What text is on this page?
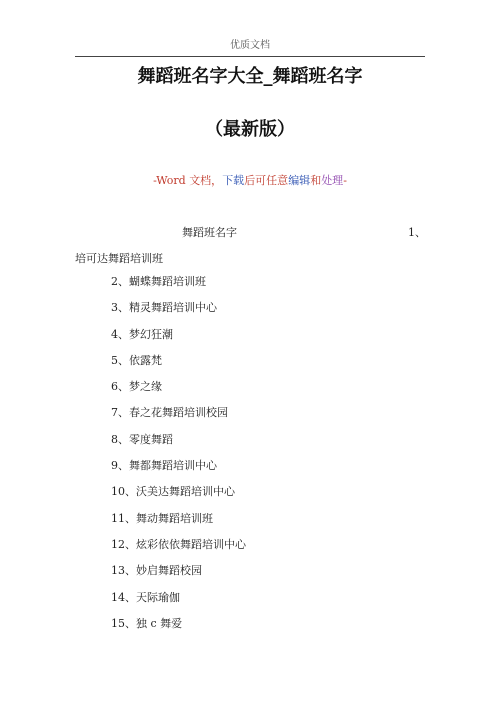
优质文档
舞蹈班名字大全_舞蹈班名字
（最新版）
-Word 文档，下载后可任意编辑和处理-
舞蹈班名字	1、
培可达舞蹈培训班
2、蝴蝶舞蹈培训班
3、精灵舞蹈培训中心
4、梦幻狂潮
5、依露梵
6、梦之缘
7、春之花舞蹈培训校园
8、零度舞蹈
9、舞都舞蹈培训中心
10、沃美达舞蹈培训中心
11、舞动舞蹈培训班
12、炫彩依依舞蹈培训中心
13、妙启舞蹈校园
14、天际瑜伽
15、独 c 舞爱
